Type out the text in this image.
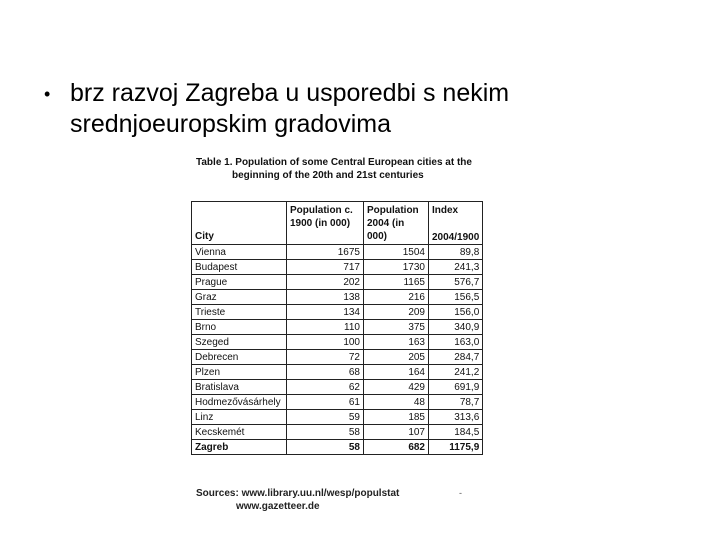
• brz razvoj Zagreba u usporedbi s nekim
srednjoeuropskim gradovima
Table 1. Population of some Central European cities at the
beginning of the 20th and 21st centuries
City	Population c. 1900 (in 000)	Population 2004 (in 000)	Index
2004/1900

Vienna	1675	1504	89,8
Budapest	717	1730	241,3
Prague	202	1165	576,7
Graz	138	216	156,5
Trieste	134	209	156,0
Brno	110	375	340,9
Szeged	100	163	163,0
Debrecen	72	205	284,7
Plzen	68	164	241,2
Bratislava	62	429	691,9
Hodmezővásárhely	61	48	78,7
Linz	59	185	313,6
Kecskemét	58	107	184,5
Zagreb	58	682	1175,9
Sources: www.library.uu.nl/wesp/populstat
www.gazetteer.de
-
